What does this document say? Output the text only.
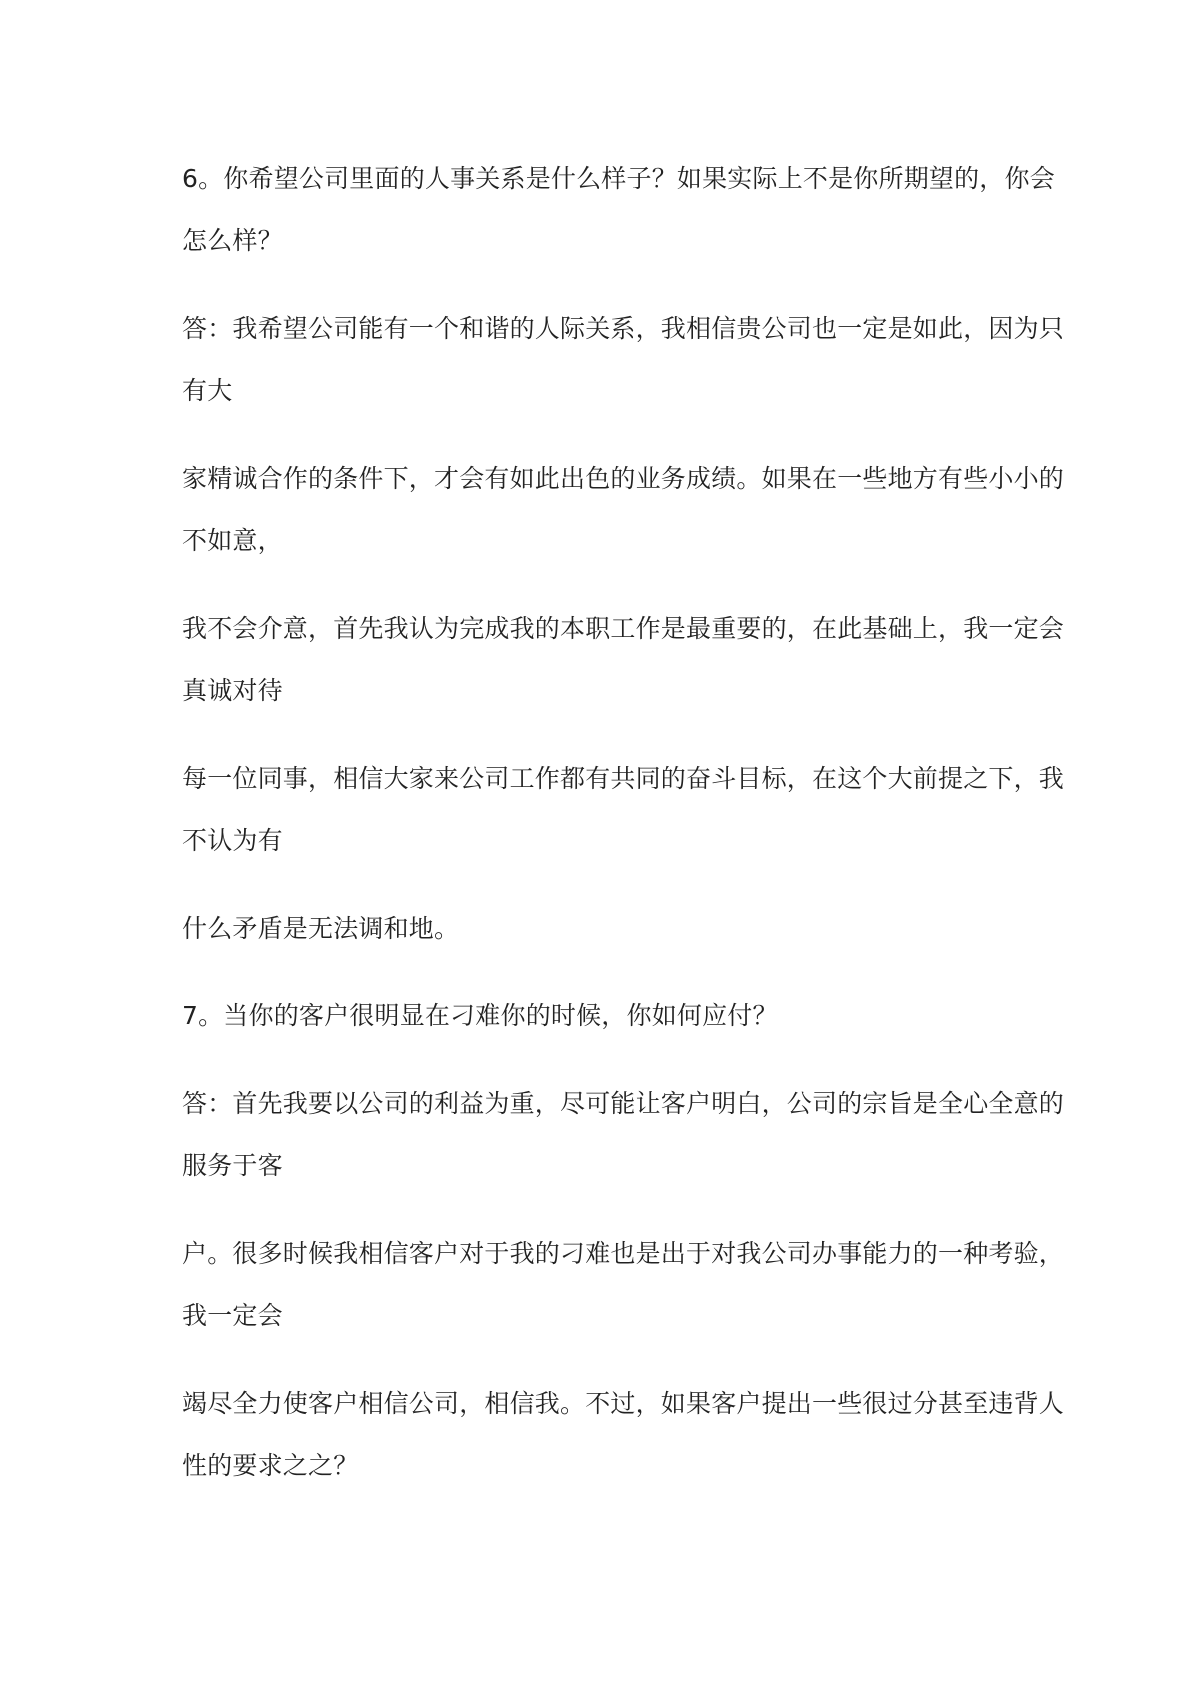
6。你希望公司里面的人事关系是什么样子？如果实际上不是你所期望的，你会
怎么样？
答：我希望公司能有一个和谐的人际关系，我相信贵公司也一定是如此，因为只
有大
家精诚合作的条件下，才会有如此出色的业务成绩。如果在一些地方有些小小的
不如意，
我不会介意，首先我认为完成我的本职工作是最重要的，在此基础上，我一定会
真诚对待
每一位同事，相信大家来公司工作都有共同的奋斗目标，在这个大前提之下，我
不认为有
什么矛盾是无法调和地。
7。当你的客户很明显在刁难你的时候，你如何应付？
答：首先我要以公司的利益为重，尽可能让客户明白，公司的宗旨是全心全意的
服务于客
户。很多时候我相信客户对于我的刁难也是出于对我公司办事能力的一种考验，
我一定会
竭尽全力使客户相信公司，相信我。不过，如果客户提出一些很过分甚至违背人
性的要求之之？
